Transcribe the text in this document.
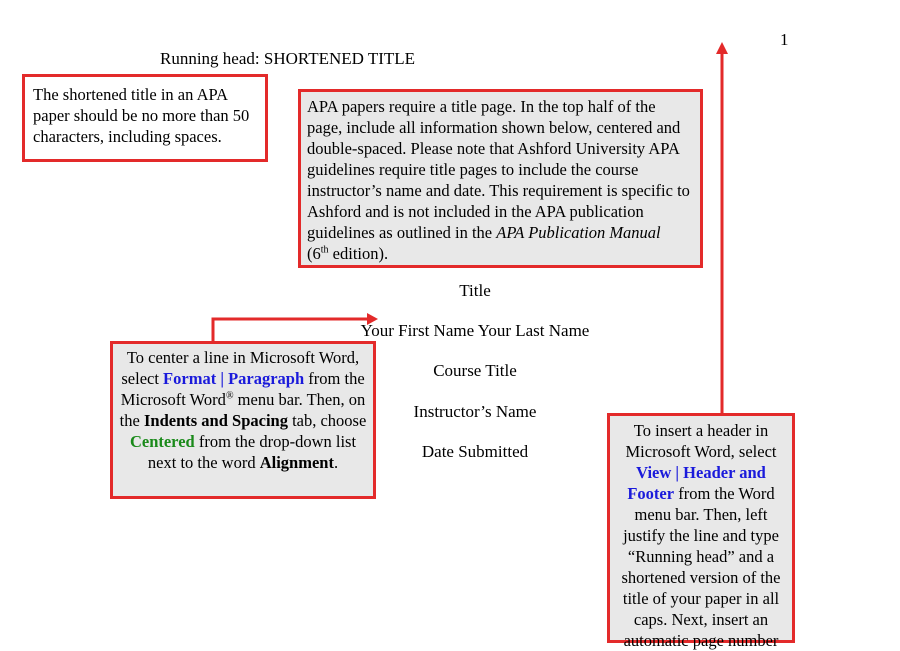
1
Running head: SHORTENED TITLE
The shortened title in an APA paper should be no more than 50 characters, including spaces.
APA papers require a title page. In the top half of the page, include all information shown below, centered and double-spaced. Please note that Ashford University APA guidelines require title pages to include the course instructor’s name and date. This requirement is specific to Ashford and is not included in the APA publication guidelines as outlined in the APA Publication Manual
(6th edition).
Title
Your First Name Your Last Name
Course Title
Instructor’s Name
Date Submitted
To center a line in Microsoft Word, select Format | Paragraph from the Microsoft Word® menu bar. Then, on the Indents and Spacing tab, choose Centered from the drop-down list next to the word Alignment.
To insert a header in Microsoft Word, select View | Header and Footer from the Word menu bar. Then, left justify the line and type “Running head” and a shortened version of the title of your paper in all caps. Next, insert an automatic page number
